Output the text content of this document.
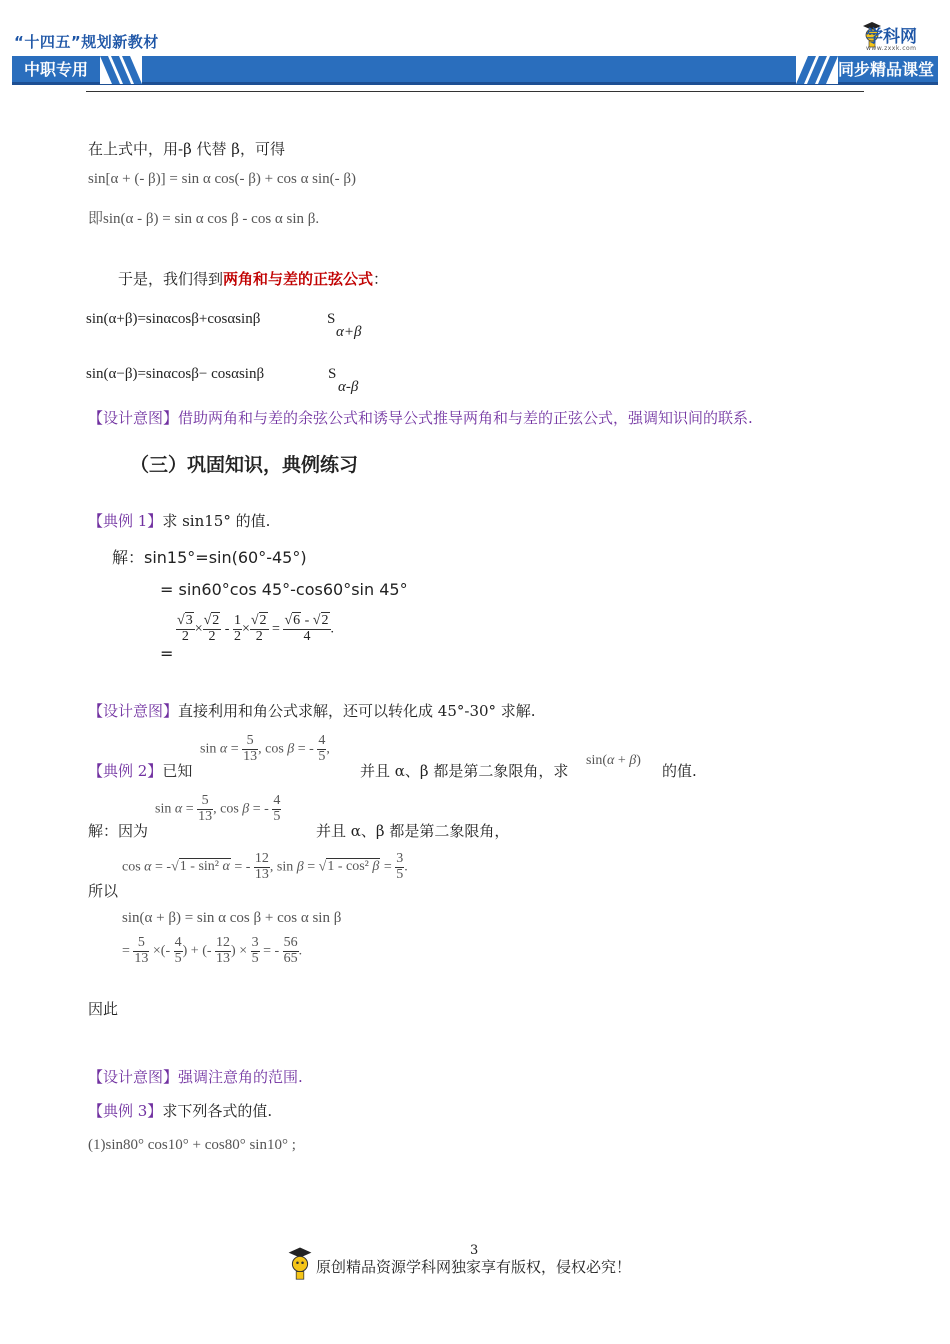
“十四五”规划新教材
中职专用	同步精品课堂
学科网
www.zxxk.com
在上式中，用-β 代替 β，可得
sin[α + (- β)] = sin α cos(- β) + cos α sin(- β)
即sin(α - β) = sin α cos β - cos α sin β.
于是，我们得到两角和与差的正弦公式：
sin(α+β)=sinαcosβ+cosαsinβ	S
α+β
sin(α−β)=sinαcosβ− cosαsinβ	S
α-β
【设计意图】借助两角和与差的余弦公式和诱导公式推导两角和与差的正弦公式，强调知识间的联系.
（三）巩固知识，典例练习
【典例 1】求 sin15° 的值.
解：sin15°=sin(60°-45°)
= sin60°cos 45°-cos60°sin 45°
=
$\frac{√3}{2} \times \frac{√2}{2} - \frac{1}{2} \times \frac{√2}{2} = \frac{√6 - √2}{4}$ .
【设计意图】直接利用和角公式求解，还可以转化成 45°-30° 求解.
【典例 2】已知
$\sin \alpha = \frac{5}{13}$ , cos β = - $\frac{4}{5}$ ,
并且 α、β 都是第二象限角，求
sin(α + β)
的值.
解：因为
$\sin \alpha = \frac{5}{13}$ , cos β = - $\frac{4}{5}$
并且 α、β 都是第二象限角，
所以
cos α = -√1 - sin² α = - $\frac{12}{13}$ , sin β = √1 - cos² $\beta = \frac{3}{5}$ .
sin(α + β) = sin α cos β + cos α sin β
= $\frac{5}{13}$ ×(- $\frac{4}{5}$ ) + (- $\frac{12}{13}$ ) × $\frac{3}{5}$ = - $\frac{56}{65}$ .
因此
【设计意图】强调注意角的范围.
【典例 3】求下列各式的值.
(1)sin80° cos10° + cos80° sin10° ;
3
原创精品资源学科网独家享有版权，侵权必究！
